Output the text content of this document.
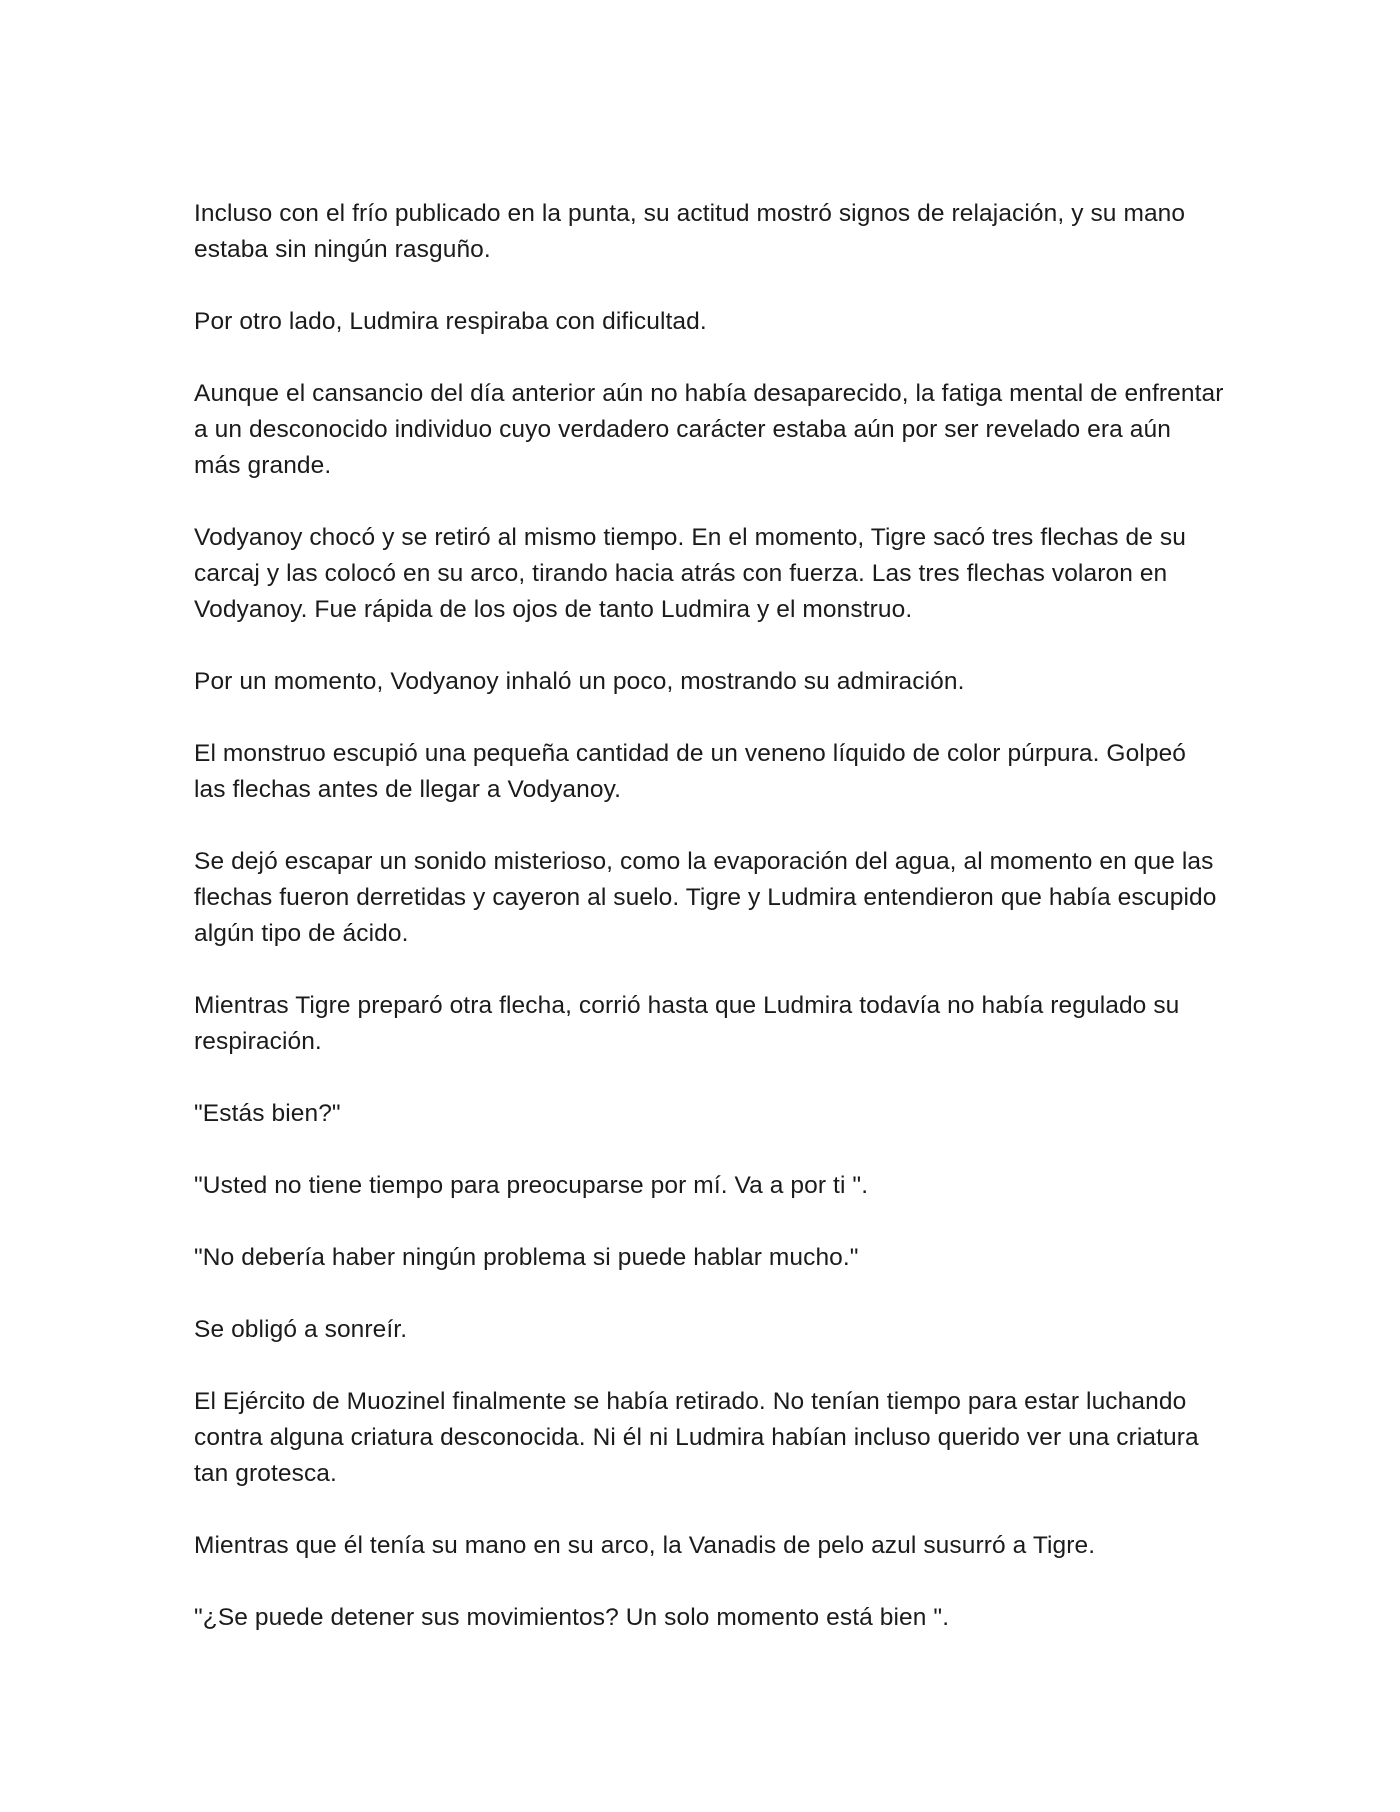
Incluso con el frío publicado en la punta, su actitud mostró signos de relajación, y su mano estaba sin ningún rasguño.

Por otro lado, Ludmira respiraba con dificultad.

Aunque el cansancio del día anterior aún no había desaparecido, la fatiga mental de enfrentar a un desconocido individuo cuyo verdadero carácter estaba aún por ser revelado era aún más grande.

Vodyanoy chocó y se retiró al mismo tiempo. En el momento, Tigre sacó tres flechas de su carcaj y las colocó en su arco, tirando hacia atrás con fuerza. Las tres flechas volaron en Vodyanoy. Fue rápida de los ojos de tanto Ludmira y el monstruo.

Por un momento, Vodyanoy inhaló un poco, mostrando su admiración.

El monstruo escupió una pequeña cantidad de un veneno líquido de color púrpura. Golpeó las flechas antes de llegar a Vodyanoy.

Se dejó escapar un sonido misterioso, como la evaporación del agua, al momento en que las flechas fueron derretidas y cayeron al suelo. Tigre y Ludmira entendieron que había escupido algún tipo de ácido.

Mientras Tigre preparó otra flecha, corrió hasta que Ludmira todavía no había regulado su respiración.

"Estás bien?"

"Usted no tiene tiempo para preocuparse por mí. Va a por ti ".

"No debería haber ningún problema si puede hablar mucho."

Se obligó a sonreír.

El Ejército de Muozinel finalmente se había retirado. No tenían tiempo para estar luchando contra alguna criatura desconocida. Ni él ni Ludmira habían incluso querido ver una criatura tan grotesca.

Mientras que él tenía su mano en su arco, la Vanadis de pelo azul susurró a Tigre.

"¿Se puede detener sus movimientos? Un solo momento está bien ".
